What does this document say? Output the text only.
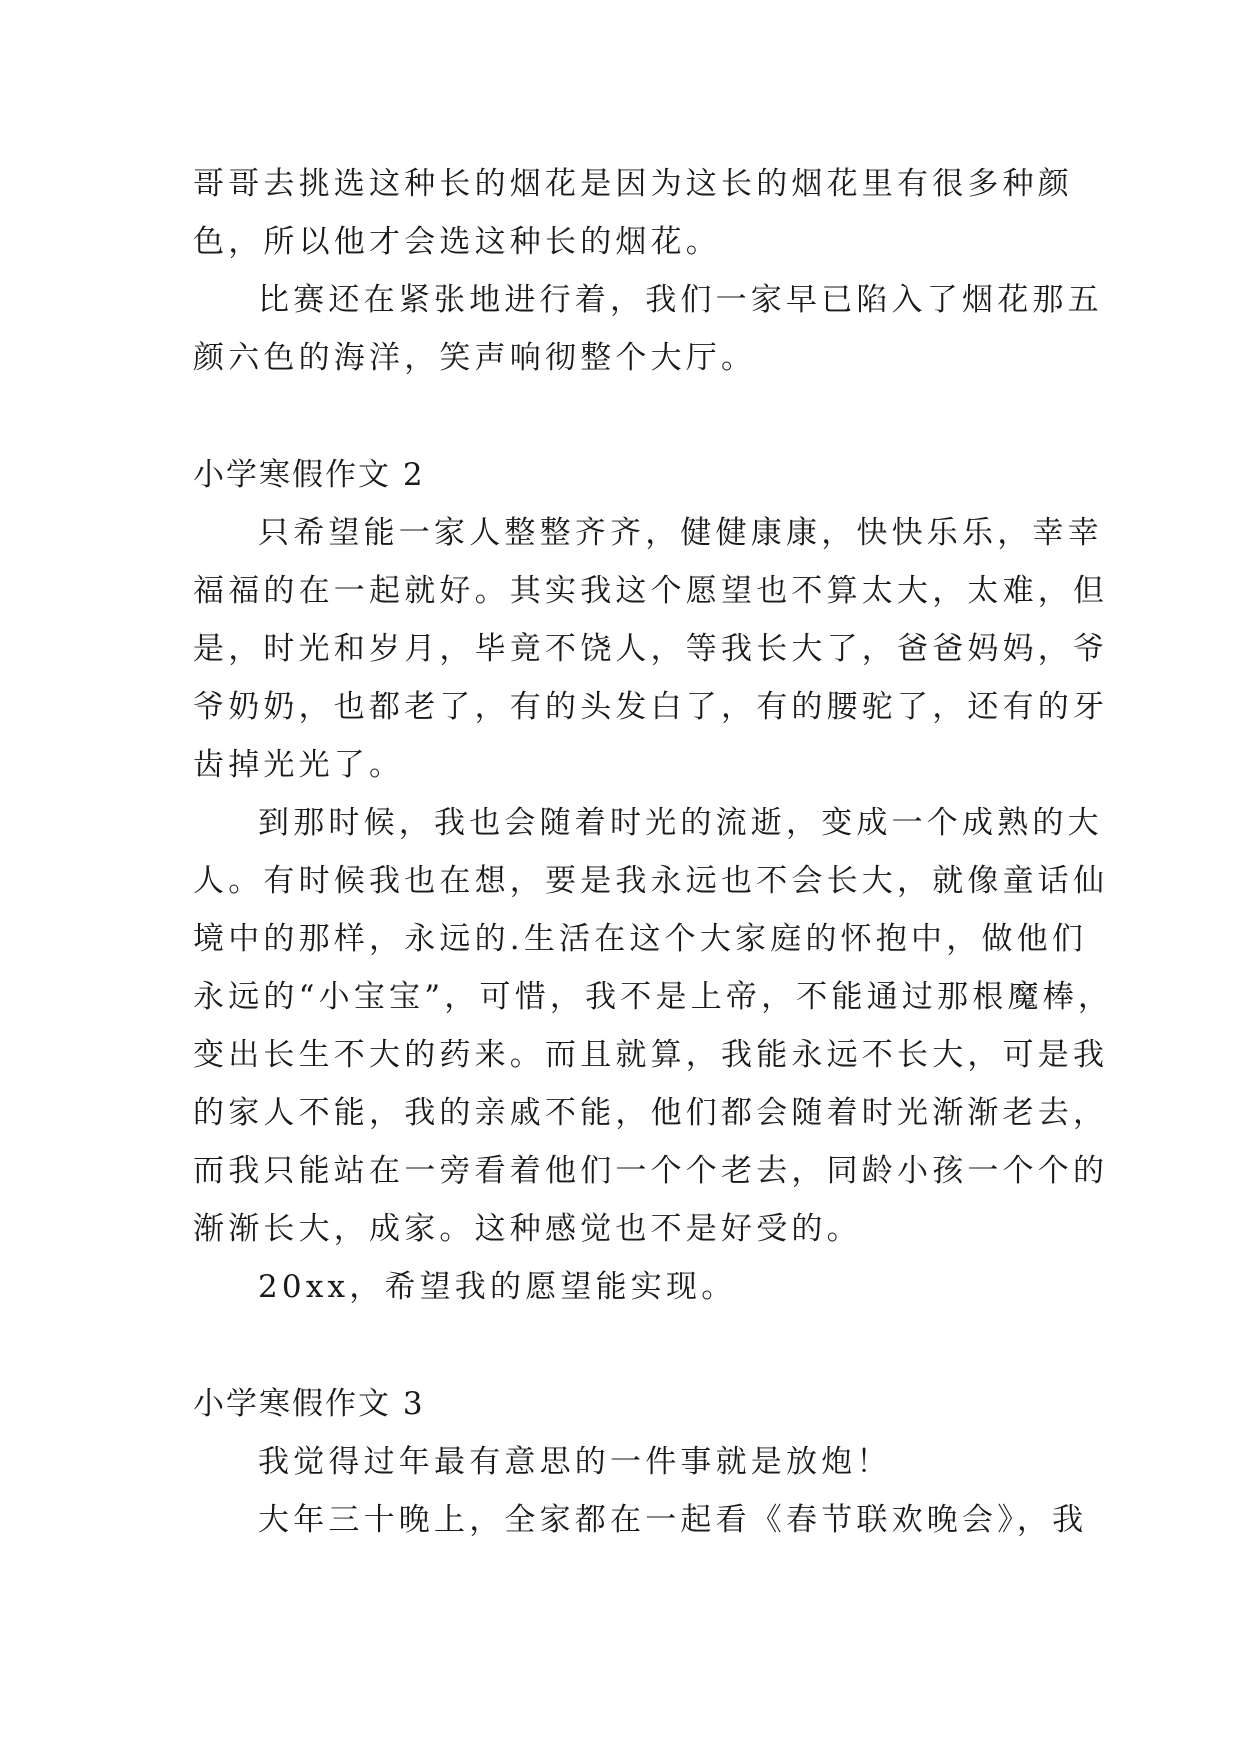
哥哥去挑选这种长的烟花是因为这长的烟花里有很多种颜
色，所以他才会选这种长的烟花。
比赛还在紧张地进行着，我们一家早已陷入了烟花那五
颜六色的海洋，笑声响彻整个大厅。
小学寒假作文 2
只希望能一家人整整齐齐，健健康康，快快乐乐，幸幸
福福的在一起就好。其实我这个愿望也不算太大，太难，但
是，时光和岁月，毕竟不饶人，等我长大了，爸爸妈妈，爷
爷奶奶，也都老了，有的头发白了，有的腰驼了，还有的牙
齿掉光光了。
到那时候，我也会随着时光的流逝，变成一个成熟的大
人。有时候我也在想，要是我永远也不会长大，就像童话仙
境中的那样，永远的.生活在这个大家庭的怀抱中，做他们
永远的“小宝宝”，可惜，我不是上帝，不能通过那根魔棒，
变出长生不大的药来。而且就算，我能永远不长大，可是我
的家人不能，我的亲戚不能，他们都会随着时光渐渐老去，
而我只能站在一旁看着他们一个个老去，同龄小孩一个个的
渐渐长大，成家。这种感觉也不是好受的。
20xx，希望我的愿望能实现。
小学寒假作文 3
我觉得过年最有意思的一件事就是放炮！
大年三十晚上，全家都在一起看《春节联欢晚会》，我
